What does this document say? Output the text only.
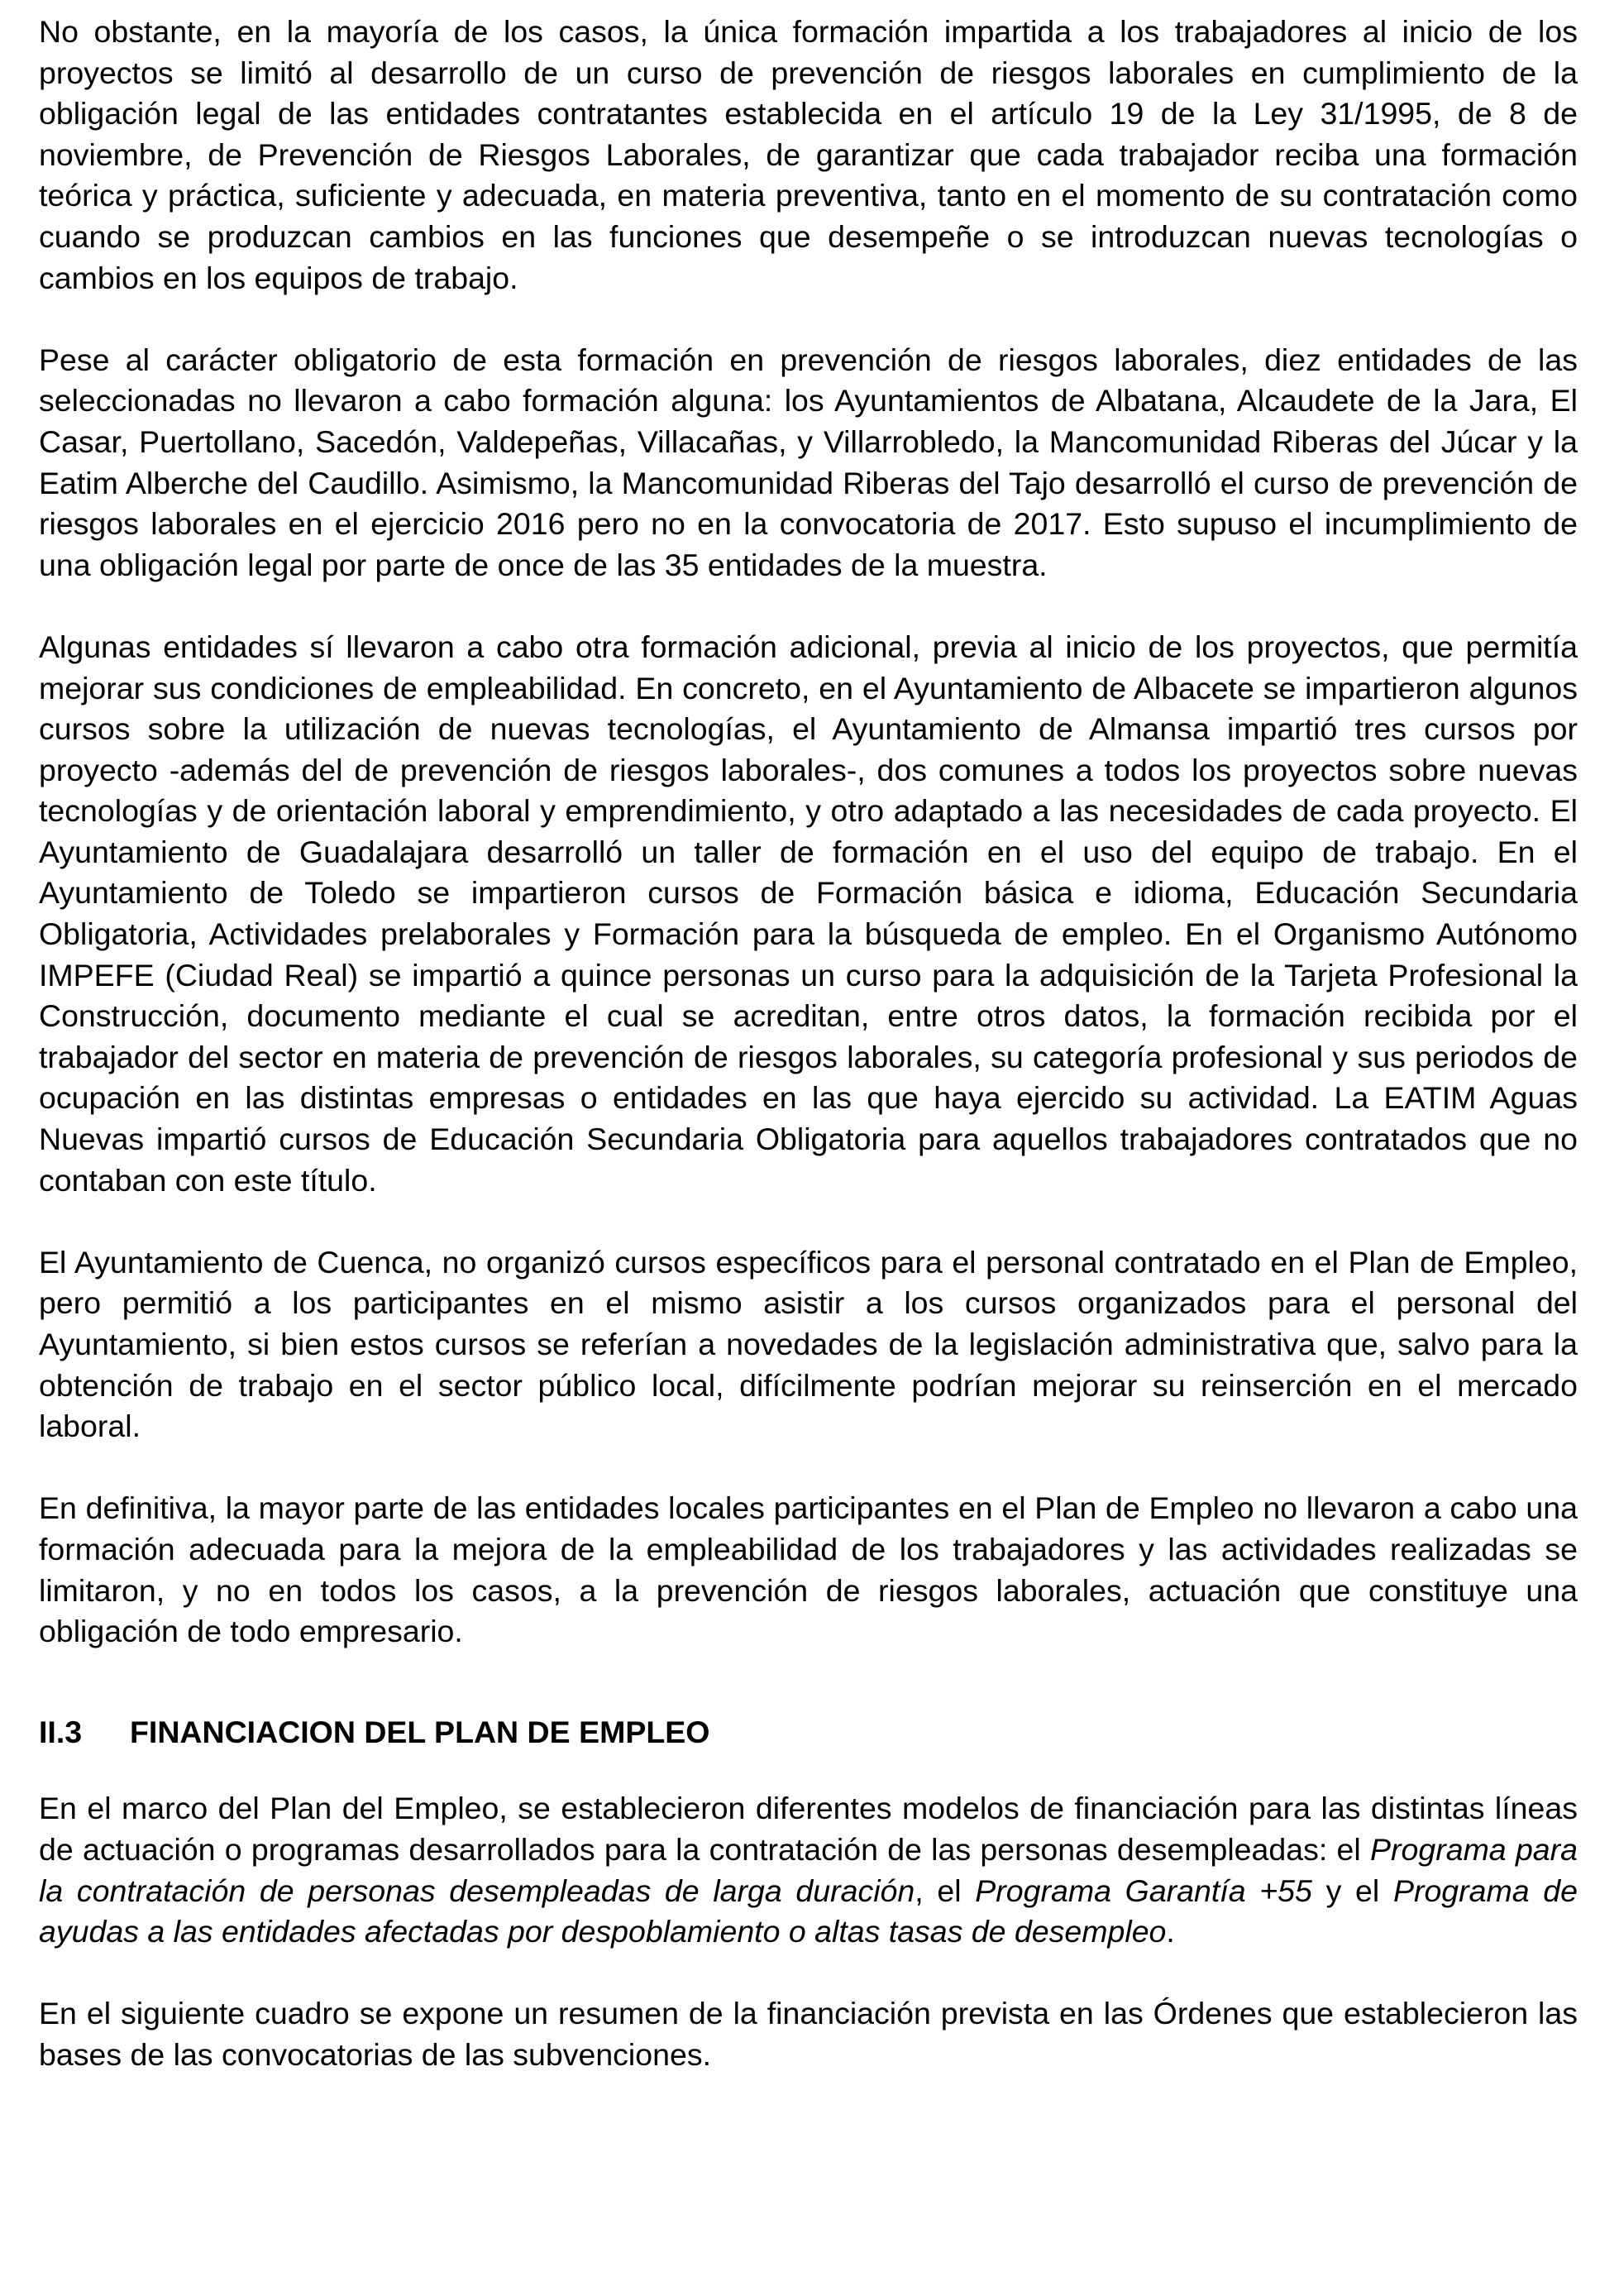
No obstante, en la mayoría de los casos, la única formación impartida a los trabajadores al inicio de los proyectos se limitó al desarrollo de un curso de prevención de riesgos laborales en cumplimiento de la obligación legal de las entidades contratantes establecida en el artículo 19 de la Ley 31/1995, de 8 de noviembre, de Prevención de Riesgos Laborales, de garantizar que cada trabajador reciba una formación teórica y práctica, suficiente y adecuada, en materia preventiva, tanto en el momento de su contratación como cuando se produzcan cambios en las funciones que desempeñe o se introduzcan nuevas tecnologías o cambios en los equipos de trabajo.

Pese al carácter obligatorio de esta formación en prevención de riesgos laborales, diez entidades de las seleccionadas no llevaron a cabo formación alguna: los Ayuntamientos de Albatana, Alcaudete de la Jara, El Casar, Puertollano, Sacedón, Valdepeñas, Villacañas, y Villarrobledo, la Mancomunidad Riberas del Júcar y la Eatim Alberche del Caudillo. Asimismo, la Mancomunidad Riberas del Tajo desarrolló el curso de prevención de riesgos laborales en el ejercicio 2016 pero no en la convocatoria de 2017. Esto supuso el incumplimiento de una obligación legal por parte de once de las 35 entidades de la muestra.

Algunas entidades sí llevaron a cabo otra formación adicional, previa al inicio de los proyectos, que permitía mejorar sus condiciones de empleabilidad. En concreto, en el Ayuntamiento de Albacete se impartieron algunos cursos sobre la utilización de nuevas tecnologías, el Ayuntamiento de Almansa impartió tres cursos por proyecto -además del de prevención de riesgos laborales-, dos comunes a todos los proyectos sobre nuevas tecnologías y de orientación laboral y emprendimiento, y otro adaptado a las necesidades de cada proyecto. El Ayuntamiento de Guadalajara desarrolló un taller de formación en el uso del equipo de trabajo. En el Ayuntamiento de Toledo se impartieron cursos de Formación básica e idioma, Educación Secundaria Obligatoria, Actividades prelaborales y Formación para la búsqueda de empleo. En el Organismo Autónomo IMPEFE (Ciudad Real) se impartió a quince personas un curso para la adquisición de la Tarjeta Profesional la Construcción, documento mediante el cual se acreditan, entre otros datos, la formación recibida por el trabajador del sector en materia de prevención de riesgos laborales, su categoría profesional y sus periodos de ocupación en las distintas empresas o entidades en las que haya ejercido su actividad. La EATIM Aguas Nuevas impartió cursos de Educación Secundaria Obligatoria para aquellos trabajadores contratados que no contaban con este título.

El Ayuntamiento de Cuenca, no organizó cursos específicos para el personal contratado en el Plan de Empleo, pero permitió a los participantes en el mismo asistir a los cursos organizados para el personal del Ayuntamiento, si bien estos cursos se referían a novedades de la legislación administrativa que, salvo para la obtención de trabajo en el sector público local, difícilmente podrían mejorar su reinserción en el mercado laboral.

En definitiva, la mayor parte de las entidades locales participantes en el Plan de Empleo no llevaron a cabo una formación adecuada para la mejora de la empleabilidad de los trabajadores y las actividades realizadas se limitaron, y no en todos los casos, a la prevención de riesgos laborales, actuación que constituye una obligación de todo empresario.

II.3 FINANCIACION DEL PLAN DE EMPLEO

En el marco del Plan del Empleo, se establecieron diferentes modelos de financiación para las distintas líneas de actuación o programas desarrollados para la contratación de las personas desempleadas: el Programa para la contratación de personas desempleadas de larga duración, el Programa Garantía +55 y el Programa de ayudas a las entidades afectadas por despoblamiento o altas tasas de desempleo.

En el siguiente cuadro se expone un resumen de la financiación prevista en las Órdenes que establecieron las bases de las convocatorias de las subvenciones.
